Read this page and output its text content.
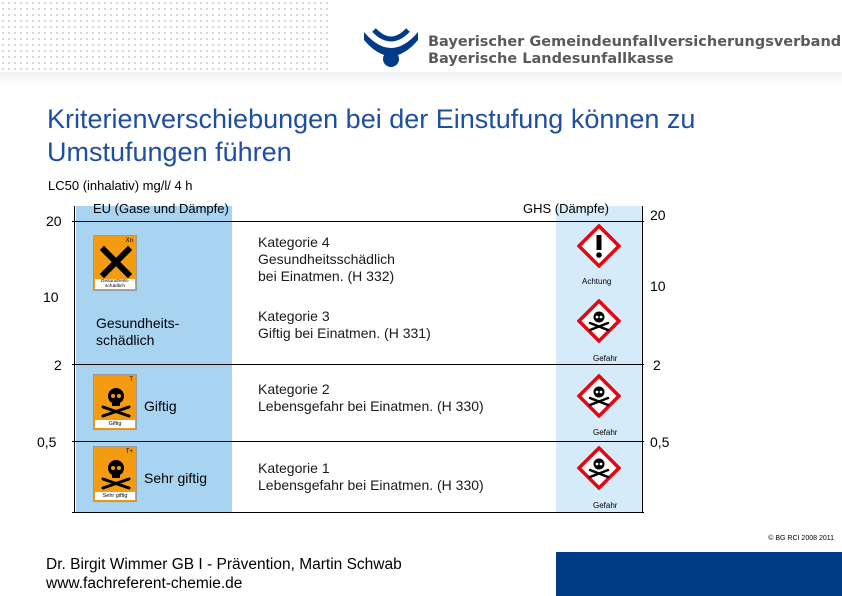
Bayerischer Gemeindeunfallversicherungsverband
Bayerische Landesunfallkasse
Kriterienverschiebungen bei der Einstufung können zu Umstufungen führen
LC50 (inhalativ) mg/l/ 4 h
EU (Gase und Dämpfe)	GHS (Dämpfe)
20
10
2
0,5
20
10
2
0,5
Xn
Gesundheits-
schädlich
Gesundheits-
schädlich
T
Giftig
Giftig
T+
Sehr giftig
Sehr giftig
Kategorie 4
Gesundheitsschädlich
bei Einatmen. (H 332)
Kategorie 3
Giftig bei Einatmen. (H 331)
Kategorie 2
Lebensgefahr bei Einatmen. (H 330)
Kategorie 1
Lebensgefahr bei Einatmen. (H 330)
Achtung
Gefahr
Gefahr
Gefahr
© BG RCI 2008 2011
Dr. Birgit Wimmer GB I - Prävention, Martin Schwab
www.fachreferent-chemie.de
